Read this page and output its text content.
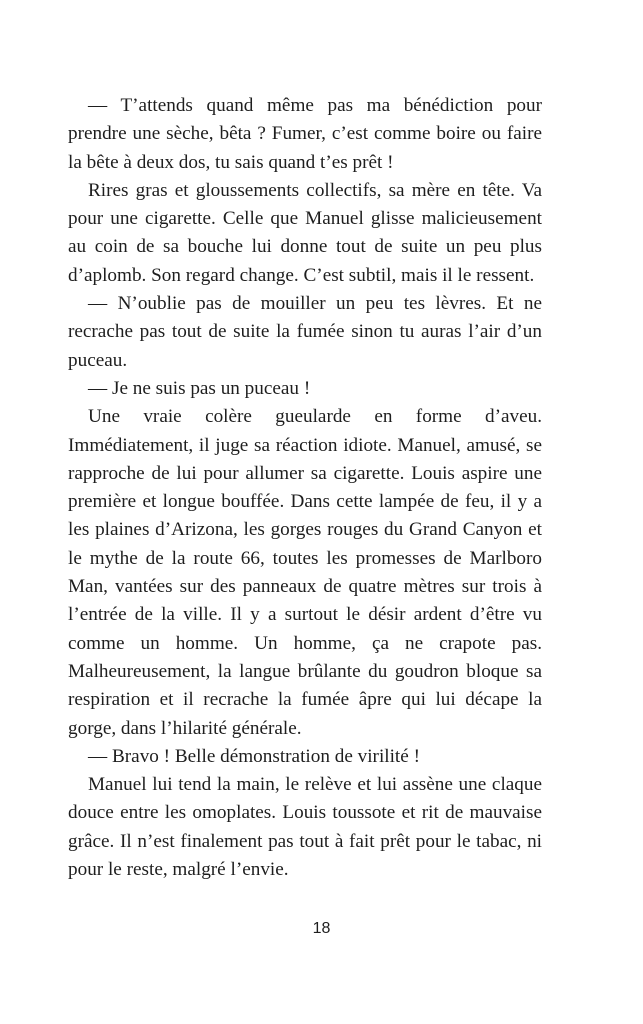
— T’attends quand même pas ma bénédiction pour prendre une sèche, bêta ? Fumer, c’est comme boire ou faire la bête à deux dos, tu sais quand t’es prêt !

Rires gras et gloussements collectifs, sa mère en tête. Va pour une cigarette. Celle que Manuel glisse malicieusement au coin de sa bouche lui donne tout de suite un peu plus d’aplomb. Son regard change. C’est subtil, mais il le ressent.

— N’oublie pas de mouiller un peu tes lèvres. Et ne recrache pas tout de suite la fumée sinon tu auras l’air d’un puceau.

— Je ne suis pas un puceau !

Une vraie colère gueularde en forme d’aveu. Immédiatement, il juge sa réaction idiote. Manuel, amusé, se rapproche de lui pour allumer sa cigarette. Louis aspire une première et longue bouffée. Dans cette lampée de feu, il y a les plaines d’Arizona, les gorges rouges du Grand Canyon et le mythe de la route 66, toutes les promesses de Marlboro Man, vantées sur des panneaux de quatre mètres sur trois à l’entrée de la ville. Il y a surtout le désir ardent d’être vu comme un homme. Un homme, ça ne crapote pas. Malheureusement, la langue brûlante du goudron bloque sa respiration et il recrache la fumée âpre qui lui décape la gorge, dans l’hilarité générale.

— Bravo ! Belle démonstration de virilité !

Manuel lui tend la main, le relève et lui assène une claque douce entre les omoplates. Louis toussote et rit de mauvaise grâce. Il n’est finalement pas tout à fait prêt pour le tabac, ni pour le reste, malgré l’envie.

18
